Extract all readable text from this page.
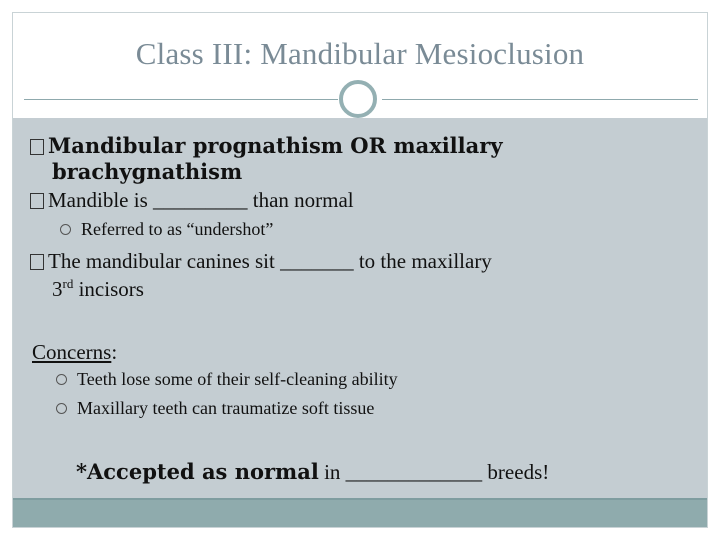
Class III: Mandibular Mesioclusion
Mandibular prognathism OR maxillary
brachygnathism
Mandible is _________ than normal
Referred to as “undershot”
The mandibular canines sit _______ to the maxillary
3rd incisors
Concerns:
Teeth lose some of their self-cleaning ability
Maxillary teeth can traumatize soft tissue
*Accepted as normal in _____________ breeds!
